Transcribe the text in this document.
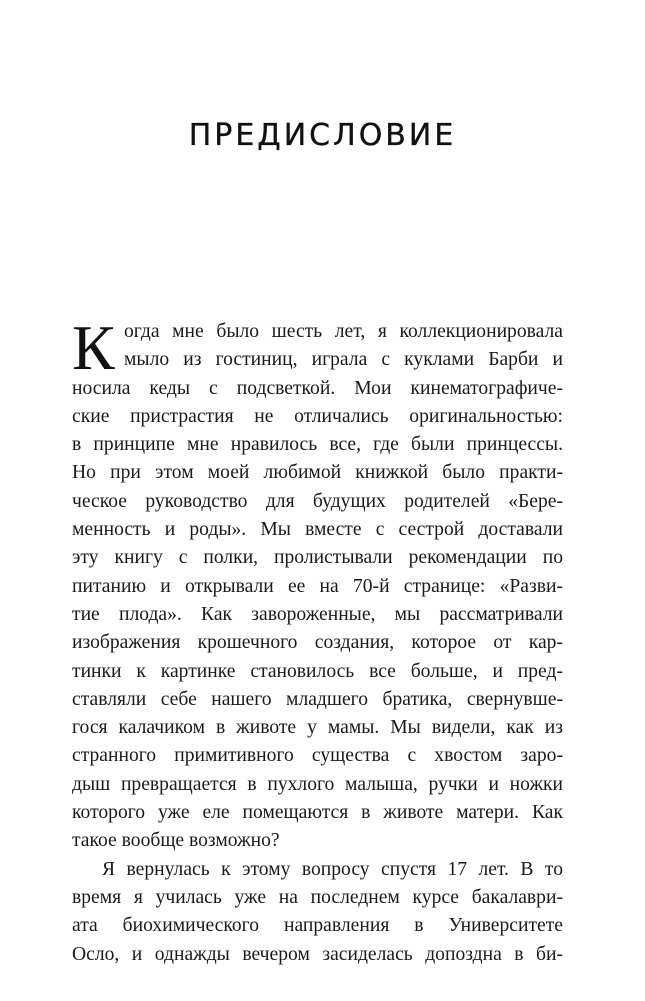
ПРЕДИСЛОВИЕ
К огда мне было шесть лет, я коллекционировала
мыло из гостиниц, играла с куклами Барби и
носила кеды с подсветкой. Мои кинематографиче-
ские пристрастия не отличались оригинальностью:
в принципе мне нравилось все, где были принцессы.
Но при этом моей любимой книжкой было практи-
ческое руководство для будущих родителей «Бере-
менность и роды». Мы вместе с сестрой доставали
эту книгу с полки, пролистывали рекомендации по
питанию и открывали ее на 70-й странице: «Разви-
тие плода». Как завороженные, мы рассматривали
изображения крошечного создания, которое от кар-
тинки к картинке становилось все больше, и пред-
ставляли себе нашего младшего братика, свернувше-
гося калачиком в животе у мамы. Мы видели, как из
странного примитивного существа с хвостом заро-
дыш превращается в пухлого малыша, ручки и ножки
которого уже еле помещаются в животе матери. Как
такое вообще возможно?
Я вернулась к этому вопросу спустя 17 лет. В то
время я училась уже на последнем курсе бакалаври-
ата биохимического направления в Университете
Осло, и однажды вечером засиделась допоздна в би-
